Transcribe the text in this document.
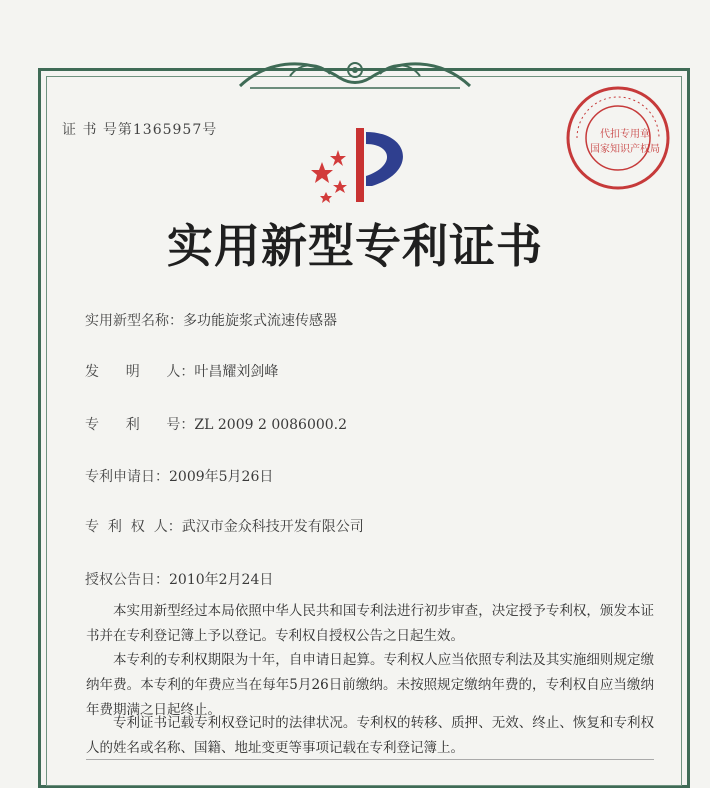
证 书 号第1365957号	代扣专用章
国家知识产权局
实用新型专利证书
实用新型名称：多功能旋浆式流速传感器
发      明      人：叶昌耀刘剑峰
专      利      号：ZL 2009 2 0086000.2
专利申请日：2009年5月26日
专  利  权  人：武汉市金众科技开发有限公司
授权公告日：2010年2月24日
本实用新型经过本局依照中华人民共和国专利法进行初步审查，决定授予专利权，颁发本证书并在专利登记簿上予以登记。专利权自授权公告之日起生效。
本专利的专利权期限为十年，自申请日起算。专利权人应当依照专利法及其实施细则规定缴纳年费。本专利的年费应当在每年5月26日前缴纳。未按照规定缴纳年费的，专利权自应当缴纳年费期满之日起终止。
专利证书记载专利权登记时的法律状况。专利权的转移、质押、无效、终止、恢复和专利权人的姓名或名称、国籍、地址变更等事项记载在专利登记簿上。
